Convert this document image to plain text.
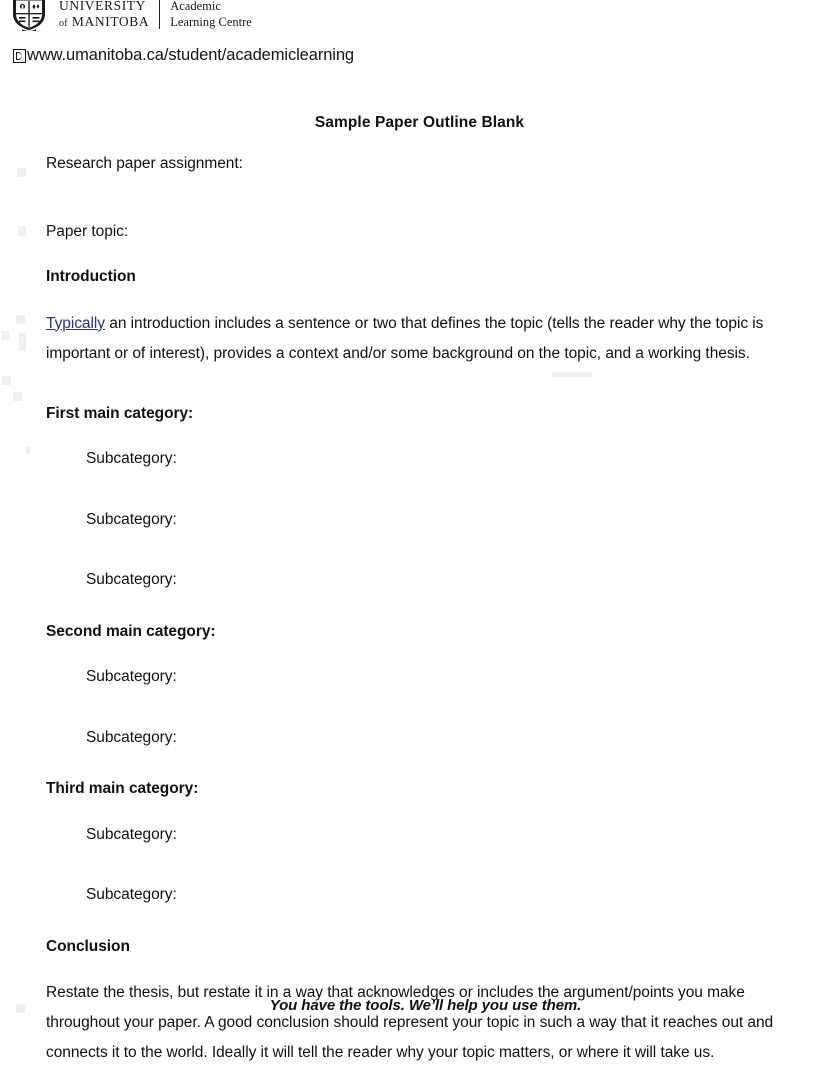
UNIVERSITY
of MANITOBA
Academic
Learning Centre
www.umanitoba.ca/student/academiclearning
Sample Paper Outline Blank
Research paper assignment:
Paper topic:
Introduction

Typically an introduction includes a sentence or two that defines the topic (tells the reader why the topic is important or of interest), provides a context and/or some background on the topic, and a working thesis.

First main category:
Subcategory:
Subcategory:
Subcategory:
Second main category:
Subcategory:
Subcategory:
Third main category:
Subcategory:
Subcategory:
Conclusion

Restate the thesis, but restate it in a way that acknowledges or includes the argument/points you make throughout your paper. A good conclusion should represent your topic in such a way that it reaches out and connects it to the world. Ideally it will tell the reader why your topic matters, or where it will take us.

You have the tools. We’ll help you use them.
